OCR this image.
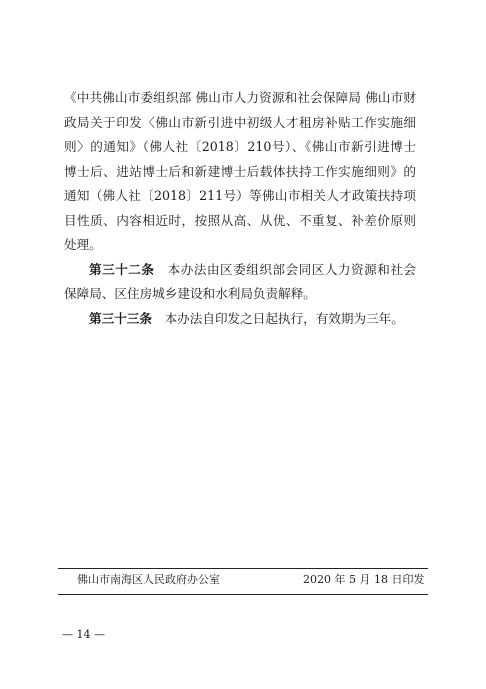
《中共佛山市委组织部 佛山市人力资源和社会保障局 佛山市财政局关于印发〈佛山市新引进中初级人才租房补贴工作实施细则〉的通知》（佛人社〔2018〕210号）、《佛山市新引进博士博士后、进站博士后和新建博士后载体扶持工作实施细则》的通知（佛人社〔2018〕211号）等佛山市相关人才政策扶持项目性质、内容相近时，按照从高、从优、不重复、补差价原则处理。

第三十二条　 本办法由区委组织部会同区人力资源和社会保障局、区住房城乡建设和水利局负责解释。

第三十三条　 本办法自印发之日起执行，有效期为三年。

佛山市南海区人民政府办公室	2020 年 5 月 18 日印发
— 14 —
